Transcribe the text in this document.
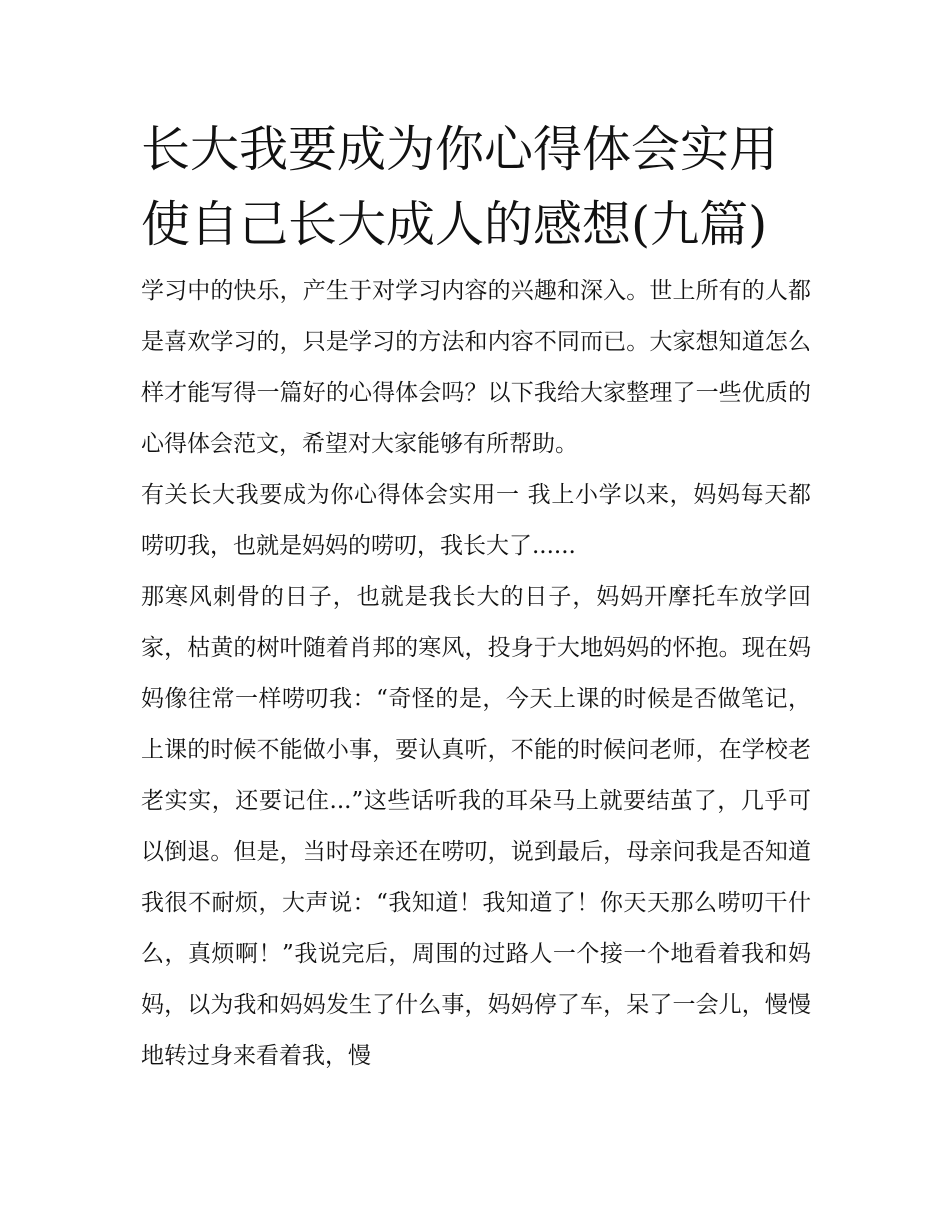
长大我要成为你心得体会实用使自己长大成人的感想(九篇)

学习中的快乐，产生于对学习内容的兴趣和深入。世上所有的人都是喜欢学习的，只是学习的方法和内容不同而已。大家想知道怎么样才能写得一篇好的心得体会吗？以下我给大家整理了一些优质的心得体会范文，希望对大家能够有所帮助。

有关长大我要成为你心得体会实用一 我上小学以来，妈妈每天都唠叨我，也就是妈妈的唠叨，我长大了......

那寒风刺骨的日子，也就是我长大的日子，妈妈开摩托车放学回家，枯黄的树叶随着肖邦的寒风，投身于大地妈妈的怀抱。现在妈妈像往常一样唠叨我：“奇怪的是，今天上课的时候是否做笔记，上课的时候不能做小事，要认真听，不能的时候问老师，在学校老老实实，还要记住...”这些话听我的耳朵马上就要结茧了，几乎可以倒退。但是，当时母亲还在唠叨，说到最后，母亲问我是否知道我很不耐烦，大声说：“我知道！我知道了！你天天那么唠叨干什么，真烦啊！”我说完后，周围的过路人一个接一个地看着我和妈妈，以为我和妈妈发生了什么事，妈妈停了车，呆了一会儿，慢慢地转过身来看着我，慢
